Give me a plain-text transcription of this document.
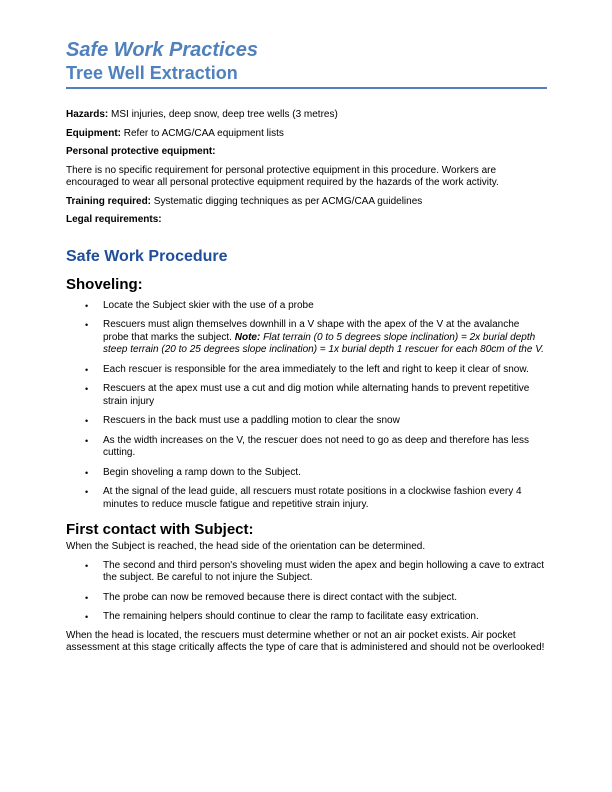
Safe Work Practices
Tree Well Extraction

Hazards: MSI injuries, deep snow, deep tree wells (3 metres)

Equipment: Refer to ACMG/CAA equipment lists

Personal protective equipment:

There is no specific requirement for personal protective equipment in this procedure. Workers are encouraged to wear all personal protective equipment required by the hazards of the work activity.

Training required: Systematic digging techniques as per ACMG/CAA guidelines

Legal requirements:

Safe Work Procedure
Shoveling:
• Locate the Subject skier with the use of a probe
• Rescuers must align themselves downhill in a V shape with the apex of the V at the avalanche probe that marks the subject. Note: Flat terrain (0 to 5 degrees slope inclination) = 2x burial depth steep terrain (20 to 25 degrees slope inclination) = 1x burial depth 1 rescuer for each 80cm of the V.
• Each rescuer is responsible for the area immediately to the left and right to keep it clear of snow.
• Rescuers at the apex must use a cut and dig motion while alternating hands to prevent repetitive strain injury
• Rescuers in the back must use a paddling motion to clear the snow
• As the width increases on the V, the rescuer does not need to go as deep and therefore has less cutting.
• Begin shoveling a ramp down to the Subject.
• At the signal of the lead guide, all rescuers must rotate positions in a clockwise fashion every 4 minutes to reduce muscle fatigue and repetitive strain injury.
First contact with Subject:

When the Subject is reached, the head side of the orientation can be determined.

• The second and third person's shoveling must widen the apex and begin hollowing a cave to extract the subject. Be careful to not injure the Subject.
• The probe can now be removed because there is direct contact with the subject.
• The remaining helpers should continue to clear the ramp to facilitate easy extrication.

When the head is located, the rescuers must determine whether or not an air pocket exists. Air pocket assessment at this stage critically affects the type of care that is administered and should not be overlooked!
